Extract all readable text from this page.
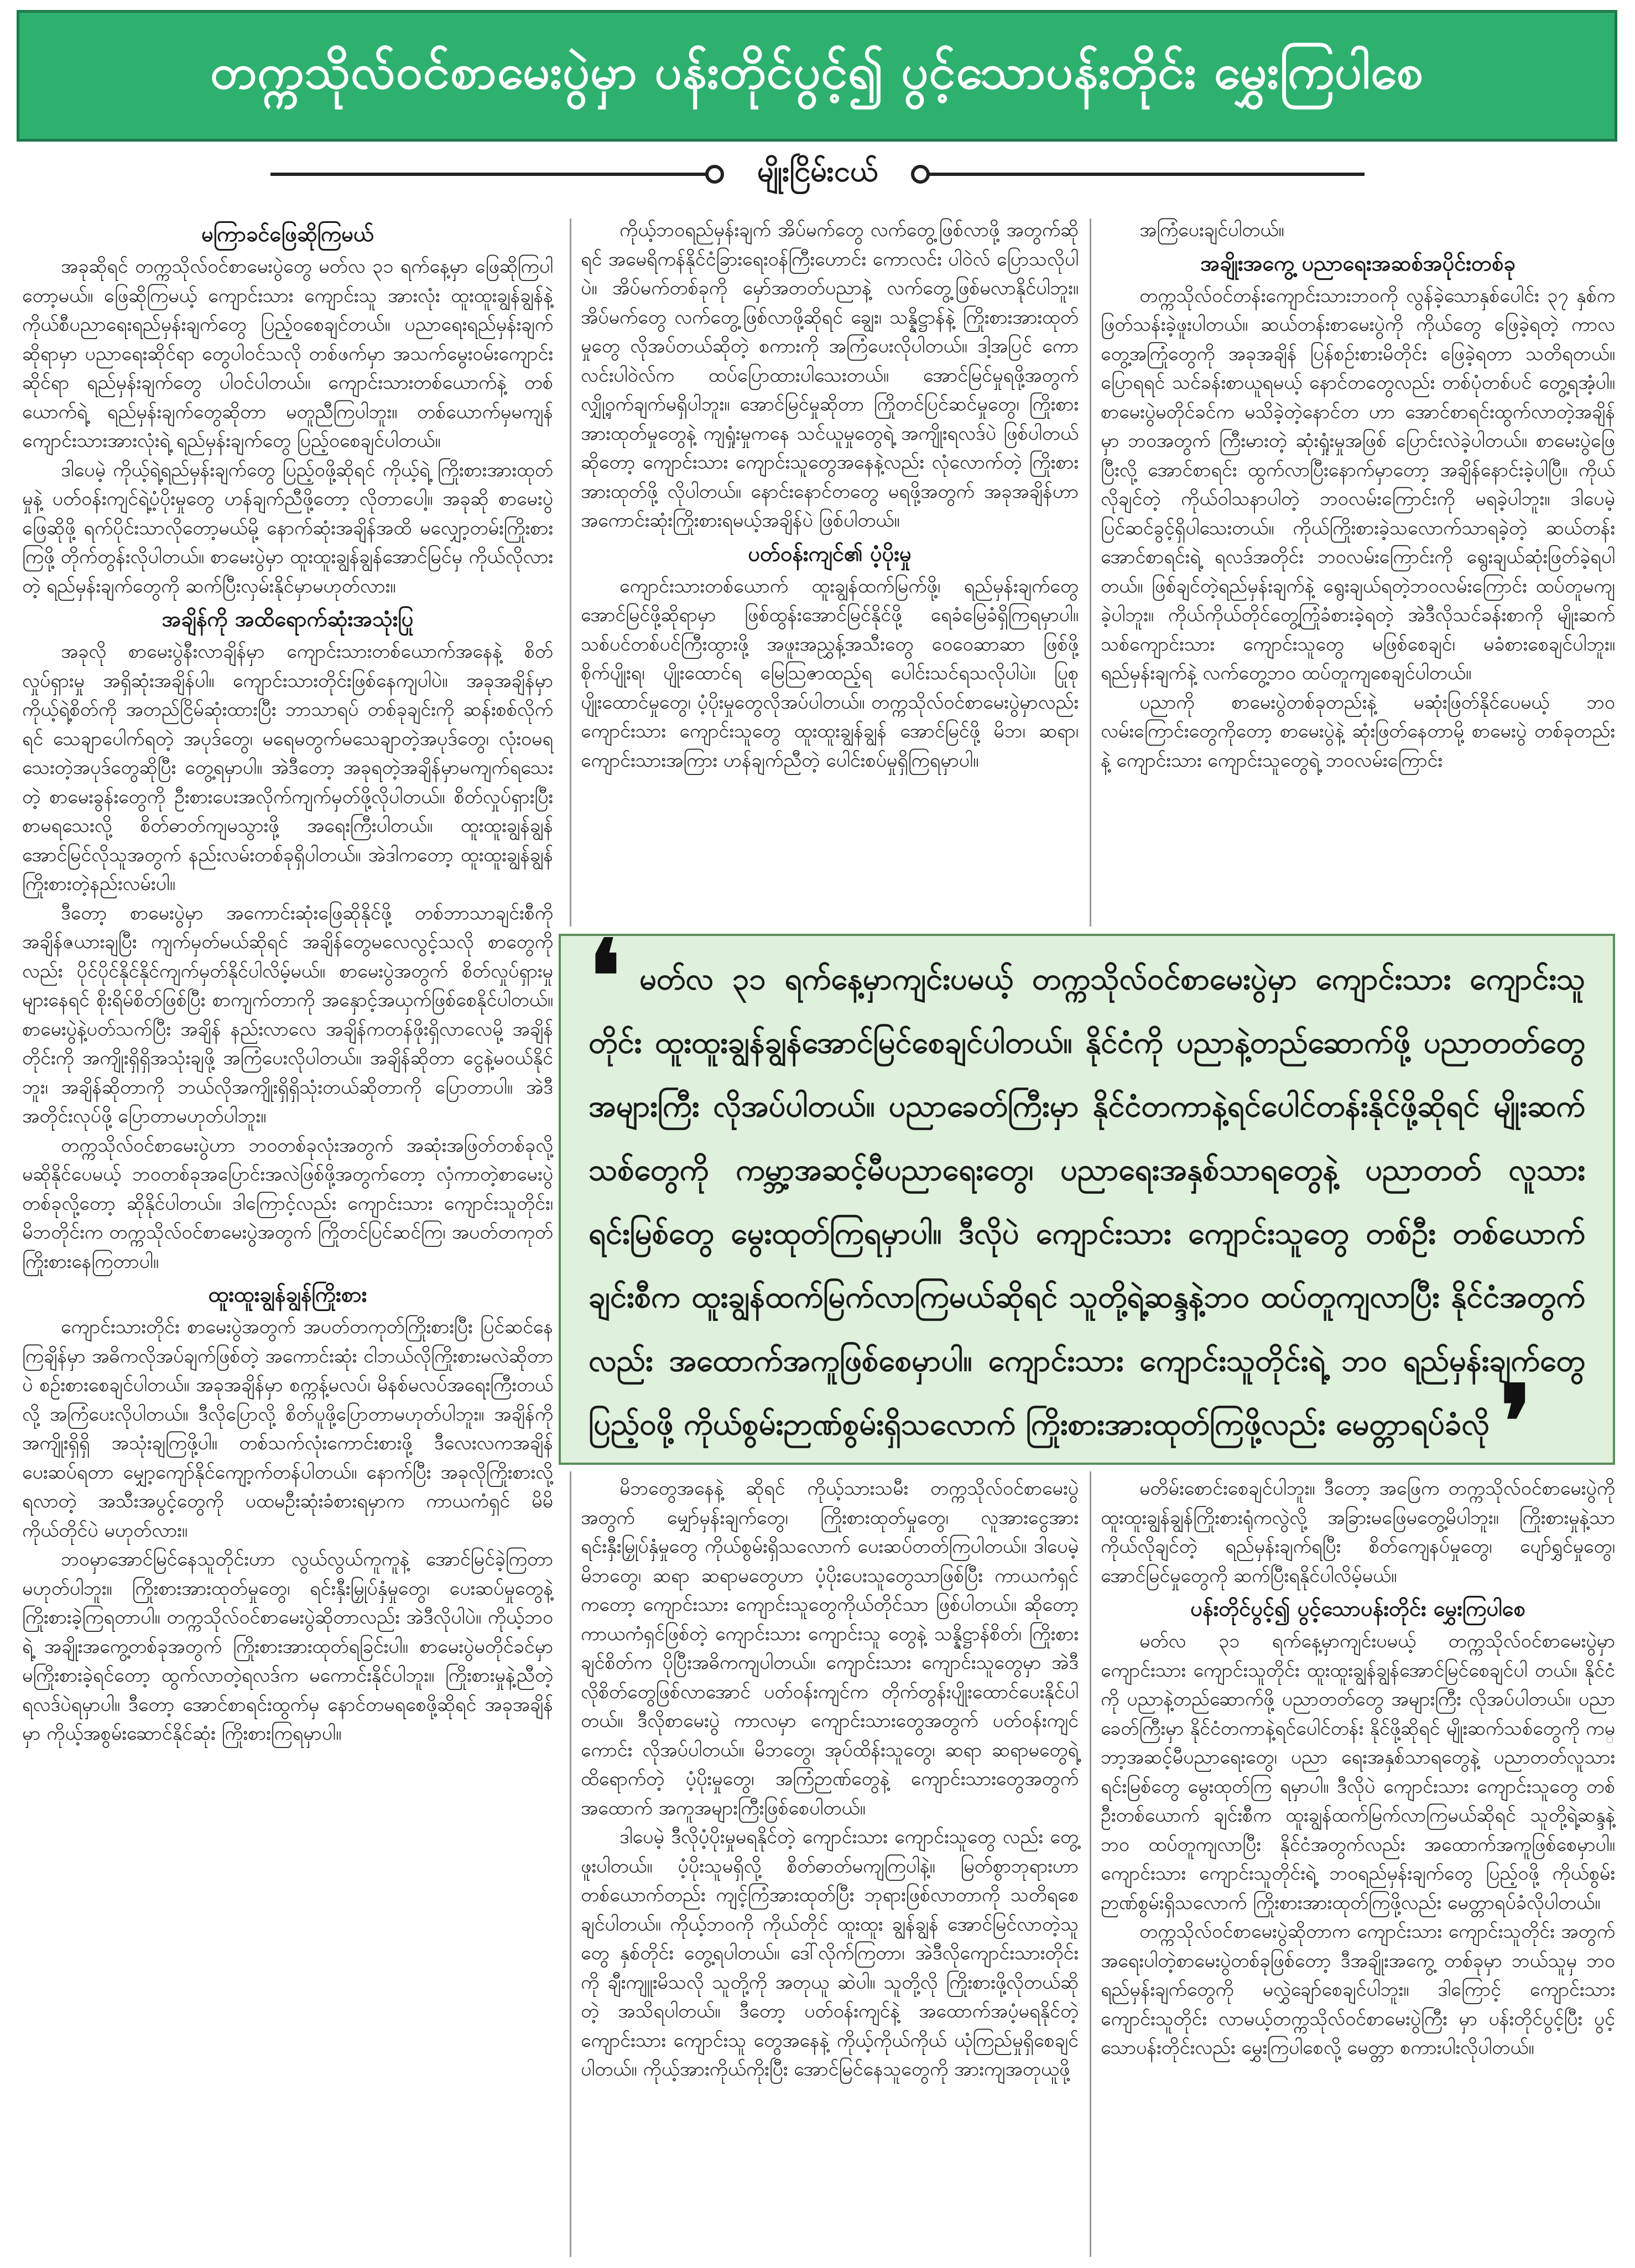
တက္ကသိုလ်ဝင်စာမေးပွဲမှာ ပန်းတိုင်ပွင့်၍ ပွင့်သောပန်းတိုင်း မွှေးကြပါစေ
မျိုးငြိမ်းငယ်
မကြာခင်ဖြေဆိုကြမယ်

အခုဆိုရင် တက္ကသိုလ်ဝင်စာမေးပွဲတွေ မတ်လ ၃၁ ရက်နေ့မှာ ဖြေဆိုကြပါတော့မယ်။ ဖြေဆိုကြမယ့် ကျောင်းသား ကျောင်းသူ အားလုံး ထူးထူးချွန်ချွန်နဲ့ ကိုယ်စီပညာရေးရည်မှန်းချက်တွေ ပြည့်ဝစေချင်တယ်။ ပညာရေးရည်မှန်းချက်ဆိုရာမှာ ပညာရေးဆိုင်ရာ တွေပါဝင်သလို တစ်ဖက်မှာ အသက်မွေးဝမ်းကျောင်းဆိုင်ရာ ရည်မှန်းချက်တွေ ပါဝင်ပါတယ်။ ကျောင်းသားတစ်ယောက်နဲ့ တစ်ယောက်ရဲ့ ရည်မှန်းချက်တွေဆိုတာ မတူညီကြပါဘူး။ တစ်ယောက်မှမကျန် ကျောင်းသားအားလုံးရဲ့ ရည်မှန်းချက်တွေ ပြည့်ဝစေချင်ပါတယ်။

ဒါပေမဲ့ ကိုယ့်ရဲ့ရည်မှန်းချက်တွေ ပြည့်ဝဖို့ဆိုရင် ကိုယ့်ရဲ့ ကြိုးစားအားထုတ်မှုနဲ့ ပတ်ဝန်းကျင်ရဲ့ပံ့ပိုးမှုတွေ ဟန်ချက်ညီဖို့တော့ လိုတာပေါ့။ အခုဆို စာမေးပွဲဖြေဆိုဖို့ ရက်ပိုင်းသာလိုတော့မယ်မို့ နောက်ဆုံးအချိန်အထိ မလျှော့တမ်းကြိုးစားကြဖို့ တိုက်တွန်းလိုပါတယ်။ စာမေးပွဲမှာ ထူးထူးချွန်ချွန်အောင်မြင်မှ ကိုယ်လိုလားတဲ့ ရည်မှန်းချက်တွေကို ဆက်ပြီးလှမ်းနိုင်မှာမဟုတ်လား။

အချိန်ကို အထိရောက်ဆုံးအသုံးပြု

အခုလို စာမေးပွဲနီးလာချိန်မှာ ကျောင်းသားတစ်ယောက်အနေနဲ့ စိတ်လှုပ်ရှားမှု အရှိဆုံးအချိန်ပါ။ ကျောင်းသားတိုင်းဖြစ်နေကျပါပဲ။ အခုအချိန်မှာ ကိုယ့်ရဲ့စိတ်ကို အတည်ငြိမ်ဆုံးထားပြီး ဘာသာရပ် တစ်ခုချင်းကို ဆန်းစစ်လိုက်ရင် သေချာပေါက်ရတဲ့ အပုဒ်တွေ၊ မရေမတွက်မသေချာတဲ့အပုဒ်တွေ၊ လုံးဝမရသေးတဲ့အပုဒ်တွေဆိုပြီး တွေ့ရမှာပါ။ အဲဒီတော့ အခုရတဲ့အချိန်မှာမကျက်ရသေးတဲ့ စာမေးခွန်းတွေကို ဦးစားပေးအလိုက်ကျက်မှတ်ဖို့လိုပါတယ်။ စိတ်လှုပ်ရှားပြီး စာမရသေးလို့ စိတ်ဓာတ်ကျမသွားဖို့ အရေးကြီးပါတယ်။ ထူးထူးချွန်ချွန်အောင်မြင်လိုသူအတွက် နည်းလမ်းတစ်ခုရှိပါတယ်။ အဲဒါကတော့ ထူးထူးချွန်ချွန်ကြိုးစားတဲ့နည်းလမ်းပါ။

ဒီတော့ စာမေးပွဲမှာ အကောင်းဆုံးဖြေဆိုနိုင်ဖို့ တစ်ဘာသာချင်းစီကို အချိန်ဇယားချပြီး ကျက်မှတ်မယ်ဆိုရင် အချိန်တွေမလေလွင့်သလို စာတွေကိုလည်း ပိုင်ပိုင်နိုင်နိုင်ကျက်မှတ်နိုင်ပါလိမ့်မယ်။ စာမေးပွဲအတွက် စိတ်လှုပ်ရှားမှုများနေရင် စိုးရိမ်စိတ်ဖြစ်ပြီး စာကျက်တာကို အနှောင့်အယှက်ဖြစ်စေနိုင်ပါတယ်။ စာမေးပွဲနဲ့ပတ်သက်ပြီး အချိန် နည်းလာလေ အချိန်ကတန်ဖိုးရှိလာလေမို့ အချိန်တိုင်းကို အကျိုးရှိရှိအသုံးချဖို့ အကြံပေးလိုပါတယ်။ အချိန်ဆိုတာ ငွေနဲ့မဝယ်နိုင်ဘူး၊ အချိန်ဆိုတာကို ဘယ်လိုအကျိုးရှိရှိသုံးတယ်ဆိုတာကို ပြောတာပါ။ အဲဒီအတိုင်းလုပ်ဖို့ ပြောတာမဟုတ်ပါဘူး။

တက္ကသိုလ်ဝင်စာမေးပွဲဟာ ဘဝတစ်ခုလုံးအတွက် အဆုံးအဖြတ်တစ်ခုလို့ မဆိုနိုင်ပေမယ့် ဘဝတစ်ခုအပြောင်းအလဲဖြစ်ဖို့အတွက်တော့ လှံကာတဲ့စာမေးပွဲတစ်ခုလို့တော့ ဆိုနိုင်ပါတယ်။ ဒါကြောင့်လည်း ကျောင်းသား ကျောင်းသူတိုင်း၊ မိဘတိုင်းက တက္ကသိုလ်ဝင်စာမေးပွဲအတွက် ကြိုတင်ပြင်ဆင်ကြ၊ အပတ်တကုတ် ကြိုးစားနေကြတာပါ။

ထူးထူးချွန်ချွန်ကြိုးစား

ကျောင်းသားတိုင်း စာမေးပွဲအတွက် အပတ်တကုတ်ကြိုးစားပြီး ပြင်ဆင်နေကြချိန်မှာ အဓိကလိုအပ်ချက်ဖြစ်တဲ့ အကောင်းဆုံး ငါဘယ်လိုကြိုးစားမလဲဆိုတာပဲ စဉ်းစားစေချင်ပါတယ်။ အခုအချိန်မှာ စက္ကန့်မလပ်၊ မိနစ်မလပ်အရေးကြီးတယ်လို့ အကြံပေးလိုပါတယ်။ ဒီလိုပြောလို့ စိတ်ပူဖို့ပြောတာမဟုတ်ပါဘူး။ အချိန်ကိုအကျိုးရှိရှိ အသုံးချကြဖို့ပါ။ တစ်သက်လုံးကောင်းစားဖို့ ဒီလေးလကအချိန် ပေးဆပ်ရတာ မျှော့ကျော်နိုင်ကျော့က်တန်ပါတယ်။ နောက်ပြီး အခုလိုကြိုးစားလို့ရလာတဲ့ အသီးအပွင့်တွေကို ပထမဦးဆုံးခံစားရမှာက ကာယကံရှင် မိမိကိုယ်တိုင်ပဲ မဟုတ်လား။

ဘဝမှာအောင်မြင်နေသူတိုင်းဟာ လွယ်လွယ်ကူကူနဲ့ အောင်မြင်ခဲ့ကြတာ မဟုတ်ပါဘူး။ ကြိုးစားအားထုတ်မှုတွေ၊ ရင်းနှီးမြှုပ်နှံမှုတွေ၊ ပေးဆပ်မှုတွေနဲ့ ကြိုးစားခဲ့ကြရတာပါ။ တက္ကသိုလ်ဝင်စာမေးပွဲဆိုတာလည်း အဲဒီလိုပါပဲ။ ကိုယ့်ဘဝရဲ့ အချိုးအကွေ့တစ်ခုအတွက် ကြိုးစားအားထုတ်ရခြင်းပါ။ စာမေးပွဲမတိုင်ခင်မှာ မကြိုးစားခဲ့ရင်တော့ ထွက်လာတဲ့ရလဒ်က မကောင်းနိုင်ပါဘူး။ ကြိုးစားမှုနဲ့ညီတဲ့ ရလဒ်ပဲရမှာပါ။ ဒီတော့ အောင်စာရင်းထွက်မှ နောင်တမရစေဖို့ဆိုရင် အခုအချိန်မှာ ကိုယ့်အစွမ်းဆောင်နိုင်ဆုံး ကြိုးစားကြရမှာပါ။

ကိုယ့်ဘဝရည်မှန်းချက် အိပ်မက်တွေ လက်တွေ့ဖြစ်လာဖို့ အတွက်ဆိုရင် အမေရိကန်နိုင်ငံခြားရေးဝန်ကြီးဟောင်း ကောလင်း ပါဝဲလ် ပြောသလိုပါပဲ။ အိပ်မက်တစ်ခုကို မှော်အတတ်ပညာနဲ့ လက်တွေ့ဖြစ်မလာနိုင်ပါဘူး။ အိပ်မက်တွေ လက်တွေ့ဖြစ်လာဖို့ဆိုရင် ချွေး၊ သန္နိဋ္ဌာန်နဲ့ ကြိုးစားအားထုတ်မှုတွေ လိုအပ်တယ်ဆိုတဲ့ စကားကို အကြံပေးလိုပါတယ်။ ဒါ့အပြင် ကောလင်းပါဝဲလ်က ထပ်ပြောထားပါသေးတယ်။ အောင်မြင်မှုရဖို့အတွက် လျှို့ဝှက်ချက်မရှိပါဘူး။ အောင်မြင်မှုဆိုတာ ကြိုတင်ပြင်ဆင်မှုတွေ၊ ကြိုးစားအားထုတ်မှုတွေနဲ့ ကျရှုံးမှုကနေ သင်ယူမှုတွေရဲ့ အကျိုးရလဒ်ပဲ ဖြစ်ပါတယ်ဆိုတော့ ကျောင်းသား ကျောင်းသူတွေအနေနဲ့လည်း လုံလောက်တဲ့ ကြိုးစားအားထုတ်ဖို့ လိုပါတယ်။ နောင်းနောင်တတွေ မရဖို့အတွက် အခုအချိန်ဟာ အကောင်းဆုံးကြိုးစားရမယ့်အချိန်ပဲ ဖြစ်ပါတယ်။

ပတ်ဝန်းကျင်၏ ပံ့ပိုးမှု

ကျောင်းသားတစ်ယောက် ထူးချွန်ထက်မြက်ဖို့၊ ရည်မှန်းချက်တွေ အောင်မြင်ဖို့ဆိုရာမှာ ဖြစ်ထွန်းအောင်မြင်နိုင်ဖို့ ရေခံမြေခံရှိကြရမှာပါ။ သစ်ပင်တစ်ပင်ကြီးထွားဖို့ အဖူးအညွှန့်အသီးတွေ ဝေဝေဆာဆာ ဖြစ်ဖို့ စိုက်ပျိုးရ၊ ပျိုးထောင်ရ မြေဩဇာထည့်ရ ပေါင်းသင်ရသလိုပါပဲ။ ပြုစုပျိုးထောင်မှုတွေ၊ ပံ့ပိုးမှုတွေလိုအပ်ပါတယ်။ တက္ကသိုလ်ဝင်စာမေးပွဲမှာလည်း ကျောင်းသား ကျောင်းသူတွေ ထူးထူးချွန်ချွန် အောင်မြင်ဖို့ မိဘ၊ ဆရာ၊ ကျောင်းသားအကြား ဟန်ချက်ညီတဲ့ ပေါင်းစပ်မှုရှိကြရမှာပါ။

အကြံပေးချင်ပါတယ်။

အချိုးအကွေ့ ပညာရေးအဆစ်အပိုင်းတစ်ခု

တက္ကသိုလ်ဝင်တန်းကျောင်းသားဘဝကို လွန်ခဲ့သောနှစ်ပေါင်း ၃၇ နှစ်က ဖြတ်သန်းခဲ့ဖူးပါတယ်။ ဆယ်တန်းစာမေးပွဲကို ကိုယ်တွေ ဖြေခဲ့ရတဲ့ ကာလတွေ့အကြုံတွေကို အခုအချိန် ပြန်စဉ်းစားမိတိုင်း ဖြေခဲ့ရတာ သတိရတယ်။ ပြောရရင် သင်ခန်းစာယူရမယ့် နောင်တတွေလည်း တစ်ပုံတစ်ပင် တွေ့ရအံ့ပါ။ စာမေးပွဲမတိုင်ခင်က မသိခဲ့တဲ့နောင်တ ဟာ အောင်စာရင်းထွက်လာတဲ့အချိန်မှာ ဘဝအတွက် ကြီးမားတဲ့ ဆုံးရှုံးမှုအဖြစ် ပြောင်းလဲခဲ့ပါတယ်။ စာမေးပွဲဖြေပြီးလို့ အောင်စာရင်း ထွက်လာပြီးနောက်မှာတော့ အချိန်နောင်းခဲ့ပါပြီ။ ကိုယ်လိုချင်တဲ့ ကိုယ်ဝါသနာပါတဲ့ ဘဝလမ်းကြောင်းကို မရခဲ့ပါဘူး။ ဒါပေမဲ့ ပြင်ဆင်ခွင့်ရှိပါသေးတယ်။ ကိုယ်ကြိုးစားခဲ့သလောက်သာရခဲ့တဲ့ ဆယ်တန်းအောင်စာရင်းရဲ့ ရလဒ်အတိုင်း ဘဝလမ်းကြောင်းကို ရွေးချယ်ဆုံးဖြတ်ခဲ့ရပါတယ်။ ဖြစ်ချင်တဲ့ရည်မှန်းချက်နဲ့ ရွေးချယ်ရတဲ့ဘဝလမ်းကြောင်း ထပ်တူမကျခဲ့ပါဘူး။ ကိုယ်ကိုယ်တိုင်တွေ့ကြုံခံစားခဲ့ရတဲ့ အဲဒီလိုသင်ခန်းစာကို မျိုးဆက်သစ်ကျောင်းသား ကျောင်းသူတွေ မဖြစ်စေချင်၊ မခံစားစေချင်ပါဘူး။ ရည်မှန်းချက်နဲ့ လက်တွေ့ဘဝ ထပ်တူကျစေချင်ပါတယ်။

ပညာကို စာမေးပွဲတစ်ခုတည်းနဲ့ မဆုံးဖြတ်နိုင်ပေမယ့် ဘဝ လမ်းကြောင်းတွေကိုတော့ စာမေးပွဲနဲ့ ဆုံးဖြတ်နေတာမို့ စာမေးပွဲ တစ်ခုတည်းနဲ့ ကျောင်းသား ကျောင်းသူတွေရဲ့ ဘဝလမ်းကြောင်း

မိဘတွေအနေနဲ့ ဆိုရင် ကိုယ့်သားသမီး တက္ကသိုလ်ဝင်စာမေးပွဲ အတွက် မျှော်မှန်းချက်တွေ၊ ကြိုးစားထုတ်မှုတွေ၊ လူအားငွေအား ရင်းနှီးမြှုပ်နှံမှုတွေ ကိုယ်စွမ်းရှိသလောက် ပေးဆပ်တတ်ကြပါတယ်။ ဒါပေမဲ့ မိဘတွေ၊ ဆရာ ဆရာမတွေဟာ ပံ့ပိုးပေးသူတွေသာဖြစ်ပြီး ကာယကံရှင်ကတော့ ကျောင်းသား ကျောင်းသူတွေကိုယ်တိုင်သာ ဖြစ်ပါတယ်။ ဆိုတော့ ကာယကံရှင်ဖြစ်တဲ့ ကျောင်းသား ကျောင်းသူ တွေနဲ့ သန္နိဋ္ဌာန်စိတ်၊ ကြိုးစားချင်စိတ်က ပိုပြီးအဓိကကျပါတယ်။ ကျောင်းသား ကျောင်းသူတွေမှာ အဲဒီလိုစိတ်တွေဖြစ်လာအောင် ပတ်ဝန်းကျင်က တိုက်တွန်းပျိုးထောင်ပေးနိုင်ပါတယ်။ ဒီလိုစာမေးပွဲ ကာလမှာ ကျောင်းသားတွေအတွက် ပတ်ဝန်းကျင်ကောင်း လိုအပ်ပါတယ်။ မိဘတွေ၊ အုပ်ထိန်းသူတွေ၊ ဆရာ ဆရာမတွေရဲ့ ထိရောက်တဲ့ ပံ့ပိုးမှုတွေ၊ အကြံဉာဏ်တွေနဲ့ ကျောင်းသားတွေအတွက် အထောက် အကူအများကြီးဖြစ်စေပါတယ်။

ဒါပေမဲ့ ဒီလိုပံ့ပိုးမှုမရနိုင်တဲ့ ကျောင်းသား ကျောင်းသူတွေ လည်း တွေ့ဖူးပါတယ်။ ပံ့ပိုးသူမရှိလို့ စိတ်ဓာတ်မကျကြပါနဲ့။ မြတ်စွာဘုရားဟာ တစ်ယောက်တည်း ကျင့်ကြံအားထုတ်ပြီး ဘုရားဖြစ်လာတာကို သတိရစေချင်ပါတယ်။ ကိုယ့်ဘဝကို ကိုယ်တိုင် ထူးထူး ချွန်ချွန် အောင်မြင်လာတဲ့သူတွေ နှစ်တိုင်း တွေ့ရပါတယ်။ ဒေါ်လိုက်ကြတာ၊ အဲဒီလိုကျောင်းသားတိုင်းကို ချီးကျူးမိသလို သူတို့ကို အတုယူ ဆဲပါ။ သူတို့လို ကြိုးစားဖို့လိုတယ်ဆိုတဲ့ အသိရပါတယ်။ ဒီတော့ ပတ်ဝန်းကျင်နဲ့ အထောက်အပံ့မရနိုင်တဲ့ ကျောင်းသား ကျောင်းသူ တွေအနေနဲ့ ကိုယ့်ကိုယ်ကိုယ် ယုံကြည်မှုရှိစေချင်ပါတယ်။ ကိုယ့်အားကိုယ်ကိုးပြီး အောင်မြင်နေသူတွေကို အားကျအတုယူဖို့

မတိမ်းစောင်းစေချင်ပါဘူး။ ဒီတော့ အဖြေက တက္ကသိုလ်ဝင်စာမေးပွဲကို ထူးထူးချွန်ချွန်ကြိုးစားရုံကလွဲလို့ အခြားမဖြေမတွေ့မိပါဘူး။ ကြိုးစားမှုနဲ့သာ ကိုယ်လိုချင်တဲ့ ရည်မှန်းချက်ရပြီး စိတ်ကျေနပ်မှုတွေ၊ ပျော်ရွှင်မှုတွေ၊ အောင်မြင်မှုတွေကို ဆက်ပြီးရနိုင်ပါလိမ့်မယ်။

ပန်းတိုင်ပွင့်၍ ပွင့်သောပန်းတိုင်း မွှေးကြပါစေ

မတ်လ ၃၁ ရက်နေ့မှာကျင်းပမယ့် တက္ကသိုလ်ဝင်စာမေးပွဲမှာ ကျောင်းသား ကျောင်းသူတိုင်း ထူးထူးချွန်ချွန်အောင်မြင်စေချင်ပါ တယ်။ နိုင်ငံကို ပညာနဲ့တည်ဆောက်ဖို့ ပညာတတ်တွေ အများကြီး လိုအပ်ပါတယ်။ ပညာခေတ်ကြီးမှာ နိုင်ငံတကာနဲ့ရင်ပေါင်တန်း နိုင်ဖို့ဆိုရင် မျိုးဆက်သစ်တွေကို ကမ္ဘာ့အဆင့်မီပညာရေးတွေ၊ ပညာ ရေးအနှစ်သာရတွေနဲ့ ပညာတတ်လူသားရင်းမြစ်တွေ မွေးထုတ်ကြ ရမှာပါ။ ဒီလိုပဲ ကျောင်းသား ကျောင်းသူတွေ တစ်ဦးတစ်ယောက် ချင်းစီက ထူးချွန်ထက်မြက်လာကြမယ်ဆိုရင် သူတို့ရဲ့ဆန္ဒနဲ့ဘဝ ထပ်တူကျလာပြီး နိုင်ငံအတွက်လည်း အထောက်အကူဖြစ်စေမှာပါ။ ကျောင်းသား ကျောင်းသူတိုင်းရဲ့ ဘဝရည်မှန်းချက်တွေ ပြည့်ဝဖို့ ကိုယ်စွမ်းဉာဏ်စွမ်းရှိသလောက် ကြိုးစားအားထုတ်ကြဖို့လည်း မေတ္တာရပ်ခံလိုပါတယ်။

တက္ကသိုလ်ဝင်စာမေးပွဲဆိုတာက ကျောင်းသား ကျောင်းသူတိုင်း အတွက် အရေးပါတဲ့စာမေးပွဲတစ်ခုဖြစ်တော့ ဒီအချိုးအကွေ့ တစ်ခုမှာ ဘယ်သူမှ ဘဝရည်မှန်းချက်တွေကို မလွှဲချော်စေချင်ပါဘူး။ ဒါကြောင့် ကျောင်းသား ကျောင်းသူတိုင်း လာမယ့်တက္ကသိုလ်ဝင်စာမေးပွဲကြီး မှာ ပန်းတိုင်ပွင့်ပြီး ပွင့်သောပန်းတိုင်းလည်း မွှေးကြပါစေလို့ မေတ္တာ စကားပါးလိုပါတယ်။

❛ မတ်လ ၃၁ ရက်နေ့မှာကျင်းပမယ့် တက္ကသိုလ်ဝင်စာမေးပွဲမှာ ကျောင်းသား ကျောင်းသူတိုင်း ထူးထူးချွန်ချွန်အောင်မြင်စေချင်ပါတယ်။ နိုင်ငံကို ပညာနဲ့တည်ဆောက်ဖို့ ပညာတတ်တွေ အများကြီး လိုအပ်ပါတယ်။ ပညာခေတ်ကြီးမှာ နိုင်ငံတကာနဲ့ရင်ပေါင်တန်းနိုင်ဖို့ဆိုရင် မျိုးဆက်သစ်တွေကို ကမ္ဘာ့အဆင့်မီပညာရေးတွေ၊ ပညာရေးအနှစ်သာရတွေနဲ့ ပညာတတ် လူသားရင်းမြစ်တွေ မွေးထုတ်ကြရမှာပါ။ ဒီလိုပဲ ကျောင်းသား ကျောင်းသူတွေ တစ်ဦး တစ်ယောက်ချင်းစီက ထူးချွန်ထက်မြက်လာကြမယ်ဆိုရင် သူတို့ရဲ့ဆန္ဒနဲ့ဘဝ ထပ်တူကျလာပြီး နိုင်ငံအတွက်လည်း အထောက်အကူဖြစ်စေမှာပါ။ ကျောင်းသား ကျောင်းသူတိုင်းရဲ့ ဘဝ ရည်မှန်းချက်တွေပြည့်ဝဖို့ ကိုယ်စွမ်းဉာဏ်စွမ်းရှိသလောက် ကြိုးစားအားထုတ်ကြဖို့လည်း မေတ္တာရပ်ခံလို ❜
